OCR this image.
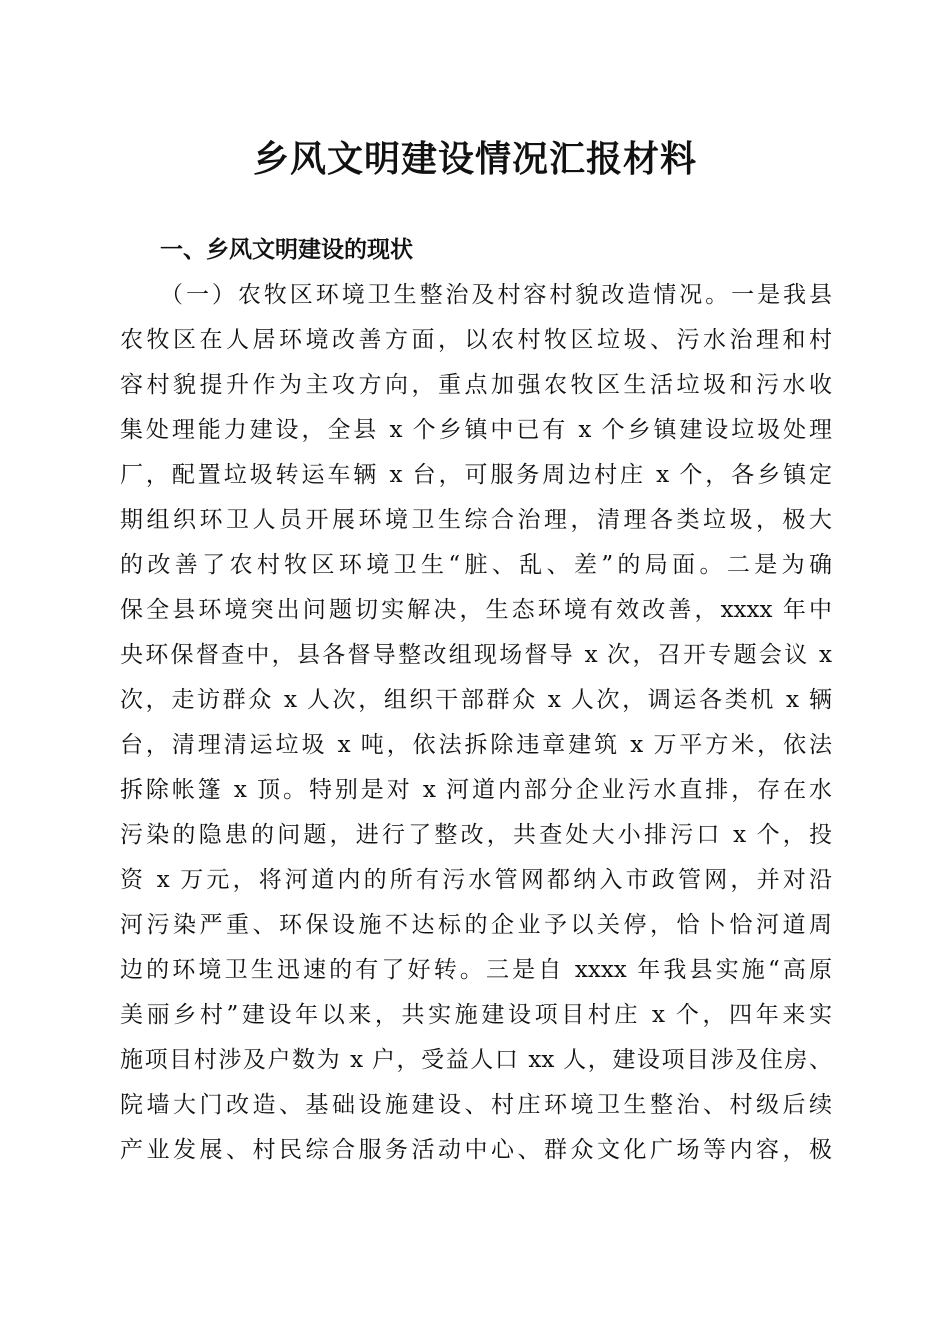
乡风文明建设情况汇报材料
一、乡风文明建设的现状
（一）农牧区环境卫生整治及村容村貌改造情况。一是我县
农牧区在人居环境改善方面，以农村牧区垃圾、污水治理和村
容村貌提升作为主攻方向，重点加强农牧区生活垃圾和污水收
集处理能力建设，全县 x 个乡镇中已有 x 个乡镇建设垃圾处理
厂，配置垃圾转运车辆 x 台，可服务周边村庄 x 个，各乡镇定
期组织环卫人员开展环境卫生综合治理，清理各类垃圾，极大
的改善了农村牧区环境卫生“脏、乱、差”的局面。二是为确
保全县环境突出问题切实解决，生态环境有效改善，xxxx 年中
央环保督查中，县各督导整改组现场督导 x 次，召开专题会议 x
次，走访群众 x 人次，组织干部群众 x 人次，调运各类机 x 辆
台，清理清运垃圾 x 吨，依法拆除违章建筑 x 万平方米，依法
拆除帐篷 x 顶。特别是对 x 河道内部分企业污水直排，存在水
污染的隐患的问题，进行了整改，共查处大小排污口 x 个，投
资 x 万元，将河道内的所有污水管网都纳入市政管网，并对沿
河污染严重、环保设施不达标的企业予以关停，恰卜恰河道周
边的环境卫生迅速的有了好转。三是自 xxxx 年我县实施“高原
美丽乡村”建设年以来，共实施建设项目村庄 x 个，四年来实
施项目村涉及户数为 x 户，受益人口 xx 人，建设项目涉及住房、
院墙大门改造、基础设施建设、村庄环境卫生整治、村级后续
产业发展、村民综合服务活动中心、群众文化广场等内容，极
